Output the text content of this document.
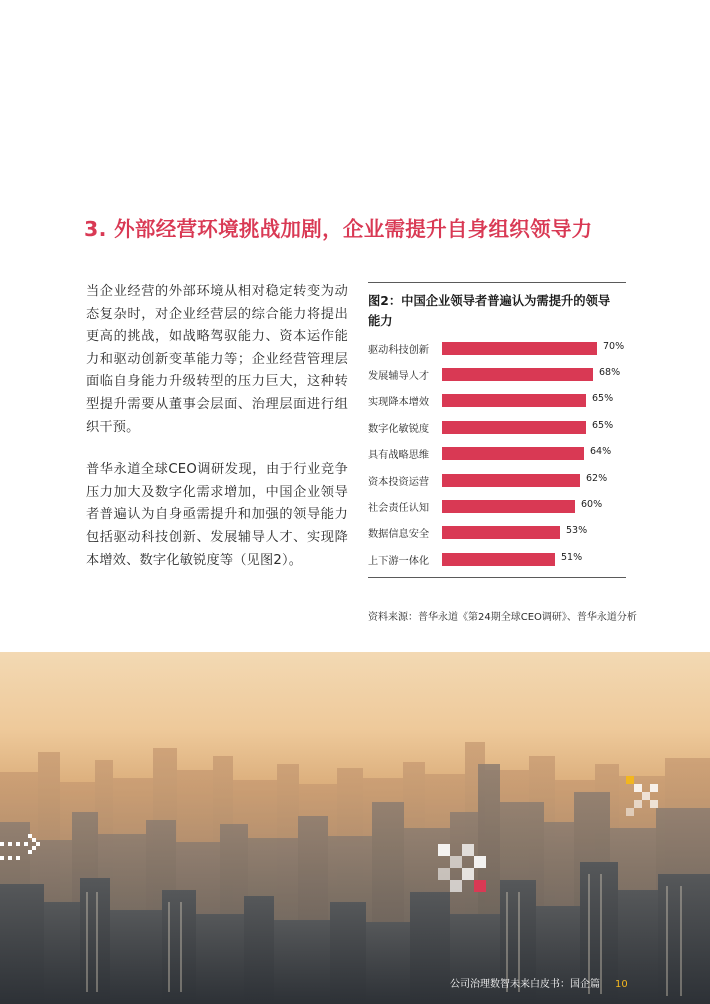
3. 外部经营环境挑战加剧，企业需提升自身组织领导力

当企业经营的外部环境从相对稳定转变为动态复杂时，对企业经营层的综合能力将提出更高的挑战，如战略驾驭能力、资本运作能力和驱动创新变革能力等；企业经营管理层面临自身能力升级转型的压力巨大，这种转型提升需要从董事会层面、治理层面进行组织干预。

普华永道全球CEO调研发现，由于行业竞争压力加大及数字化需求增加，中国企业领导者普遍认为自身亟需提升和加强的领导能力包括驱动科技创新、发展辅导人才、实现降本增效、数字化敏锐度等（见图2）。

图2：中国企业领导者普遍认为需提升的领导能力
驱动科技创新	70%
发展辅导人才	68%
实现降本增效	65%
数字化敏锐度	65%
具有战略思维	64%
资本投资运营	62%
社会责任认知	60%
数据信息安全	53%
上下游一体化	51%
资料来源：普华永道《第24期全球CEO调研》、普华永道分析
公司治理数智未来白皮书：国企篇 10
